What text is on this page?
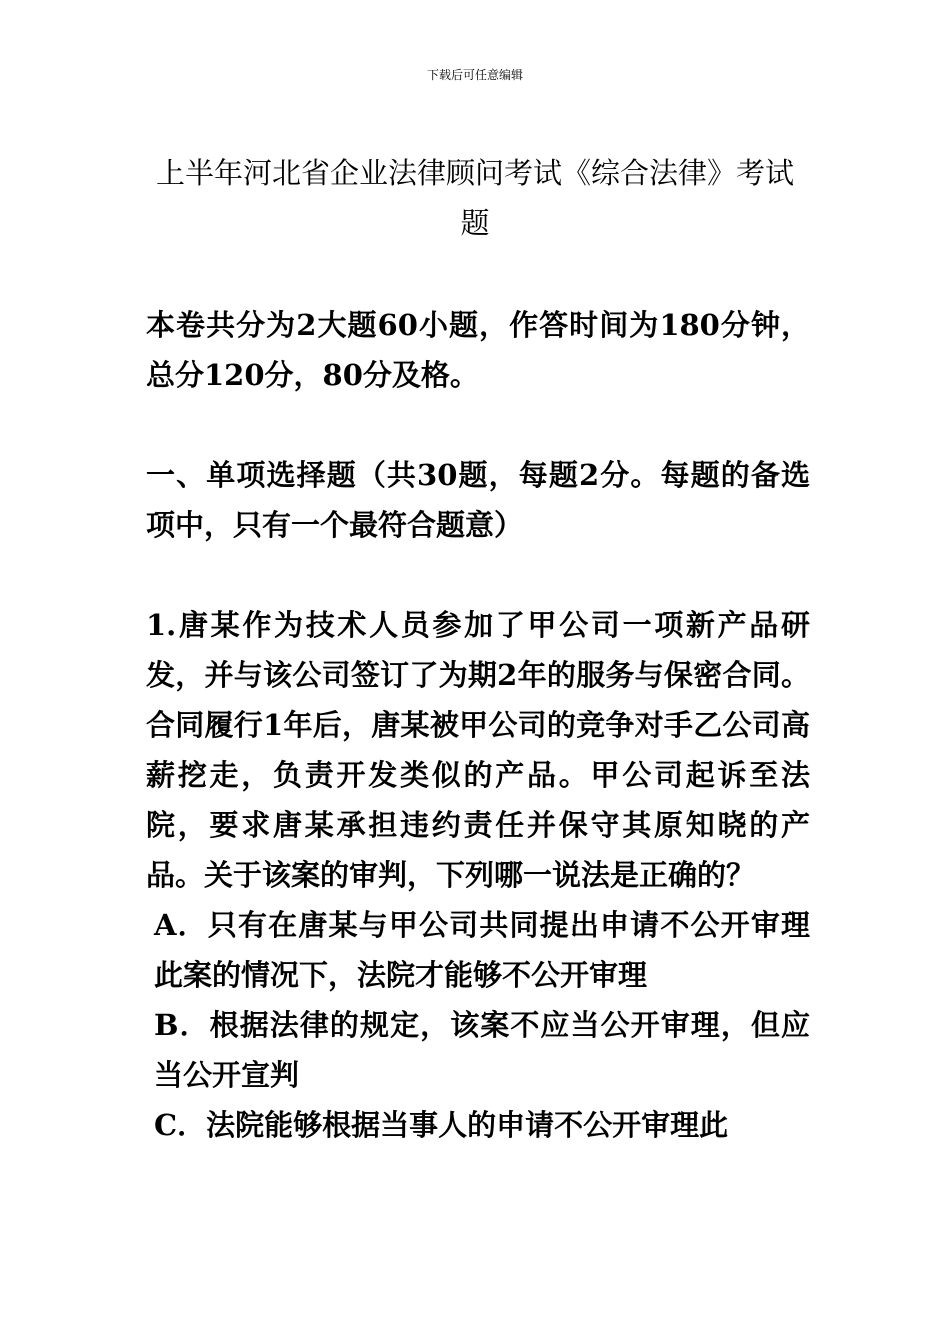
下载后可任意编辑
上半年河北省企业法律顾问考试《综合法律》考试
题

本卷共分为2大题60小题，作答时间为180分钟，总分120分，80分及格。

一、单项选择题（共30题，每题2分。每题的备选项中，只有一个最符合题意）

1.唐某作为技术人员参加了甲公司一项新产品研发，并与该公司签订了为期2年的服务与保密合同。合同履行1年后，唐某被甲公司的竞争对手乙公司高薪挖走，负责开发类似的产品。甲公司起诉至法院，要求唐某承担违约责任并保守其原知晓的产品。关于该案的审判，下列哪一说法是正确的？

A．只有在唐某与甲公司共同提出申请不公开审理此案的情况下，法院才能够不公开审理

B．根据法律的规定，该案不应当公开审理，但应当公开宣判

C．法院能够根据当事人的申请不公开审理此
